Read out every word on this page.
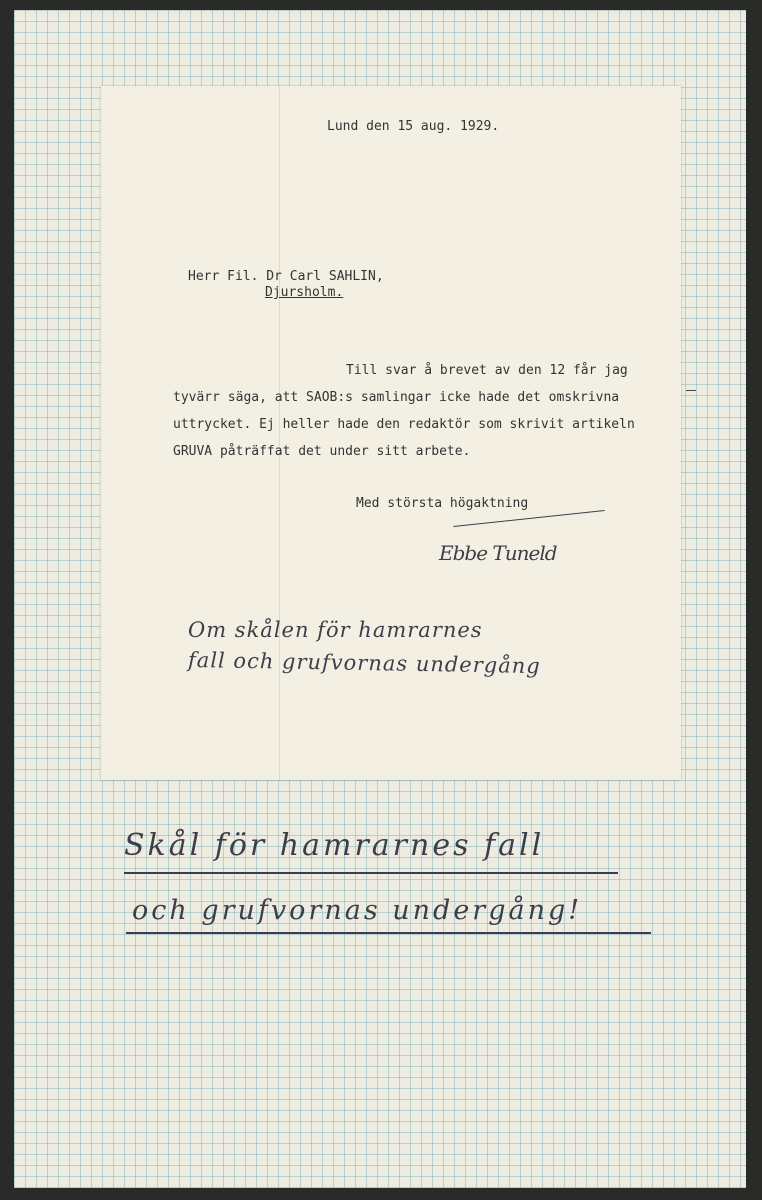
Lund den 15 aug. 1929.
Herr Fil. Dr Carl SAHLIN,
Djursholm.
Till svar å brevet av den 12 får jag
tyvärr säga, att SAOB:s samlingar icke hade det omskrivna
uttrycket. Ej heller hade den redaktör som skrivit artikeln
GRUVA påträffat det under sitt arbete.
Med största högaktning
Ebbe Tuneld
Om skålen för hamrarnes
fall och grufvornas undergång
Skål för hamrarnes fall
och grufvornas undergång!
